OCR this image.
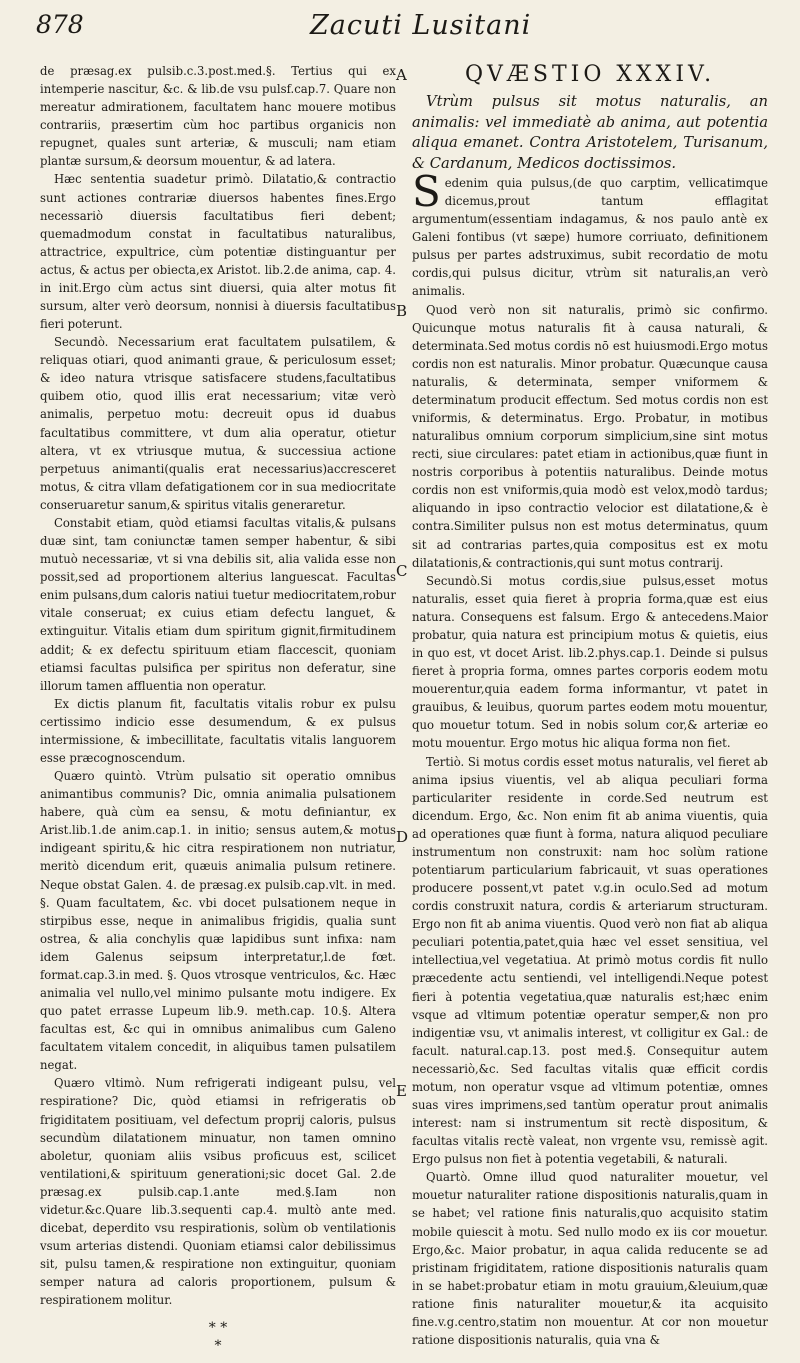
878	Zacuti Lusitani
A
B
C
D
E

de præsag.ex pulsib.c.3.post.med.§. Tertius qui ex intemperie nascitur, &c. & lib.de vsu pulsf.cap.7. Quare non mereatur admirationem, facultatem hanc mouere motibus contrariis, præsertim cùm hoc partibus organicis non repugnet, quales sunt arteriæ, & musculi; nam etiam plantæ sursum,& deorsum mouentur, & ad latera.

Hæc sententia suadetur primò. Dilatatio,& contractio sunt actiones contrariæ diuersos habentes fines.Ergo necessariò diuersis facultatibus fieri debent; quemadmodum constat in facultatibus naturalibus, attractrice, expultrice, cùm potentiæ distinguantur per actus, & actus per obiecta,ex Aristot. lib.2.de anima, cap. 4. in init.Ergo cùm actus sint diuersi, quia alter motus fit sursum, alter verò deorsum, nonnisi à diuersis facultatibus fieri poterunt.

Secundò. Necessarium erat facultatem pulsatilem, & reliquas otiari, quod animanti graue, & periculosum esset; & ideo natura vtrisque satisfacere studens,facultatibus quibem otio, quod illis erat necessarium; vitæ verò animalis, perpetuo motu: decreuit opus id duabus facultatibus committere, vt dum alia operatur, otietur altera, vt ex vtriusque mutua, & successiua actione perpetuus animanti(qualis erat necessarius)accresceret motus, & citra vllam defatigationem cor in sua mediocritate conseruaretur sanum,& spiritus vitalis generaretur.

Constabit etiam, quòd etiamsi facultas vitalis,& pulsans duæ sint, tam coniunctæ tamen semper habentur, & sibi mutuò necessariæ, vt si vna debilis sit, alia valida esse non possit,sed ad proportionem alterius languescat. Facultas enim pulsans,dum caloris natiui tuetur mediocritatem,robur vitale conseruat; ex cuius etiam defectu languet, & extinguitur. Vitalis etiam dum spiritum gignit,firmitudinem addit; & ex defectu spirituum etiam flaccescit, quoniam etiamsi facultas pulsifica per spiritus non deferatur, sine illorum tamen affluentia non operatur.

Ex dictis planum fit, facultatis vitalis robur ex pulsu certissimo indicio esse desumendum, & ex pulsus intermissione, & imbecillitate, facultatis vitalis languorem esse præcognoscendum.

Quæro quintò. Vtrùm pulsatio sit operatio omnibus animantibus communis? Dic, omnia animalia pulsationem habere, quà cùm ea sensu, & motu definiantur, ex Arist.lib.1.de anim.cap.1. in initio; sensus autem,& motus indigeant spiritu,& hic citra respirationem non nutriatur, meritò dicendum erit, quæuis animalia pulsum retinere. Neque obstat Galen. 4. de præsag.ex pulsib.cap.vlt. in med. §. Quam facultatem, &c. vbi docet pulsationem neque in stirpibus esse, neque in animalibus frigidis, qualia sunt ostrea, & alia conchylis quæ lapidibus sunt infixa: nam idem Galenus seipsum interpretatur,l.de fœt. format.cap.3.in med. §. Quos vtrosque ventriculos, &c. Hæc animalia vel nullo,vel minimo pulsante motu indigere. Ex quo patet errasse Lupeum lib.9. meth.cap. 10.§. Altera facultas est, &c qui in omnibus animalibus cum Galeno facultatem vitalem concedit, in aliquibus tamen pulsatilem negat.

Quæro vltimò. Num refrigerati indigeant pulsu, vel respiratione? Dic, quòd etiamsi in refrigeratis ob frigiditatem positiuam, vel defectum proprij caloris, pulsus secundùm dilatationem minuatur, non tamen omnino aboletur, quoniam aliis vsibus proficuus est, scilicet ventilationi,& spirituum generationi;sic docet Gal. 2.de præsag.ex pulsib.cap.1.ante med.§.Iam non videtur.&c.Quare lib.3.sequenti cap.4. multò ante med. dicebat, deperdito vsu respirationis, solùm ob ventilationis vsum arterias distendi. Quoniam etiamsi calor debilissimus sit, pulsu tamen,& respiratione non extinguitur, quoniam semper natura ad caloris proportionem, pulsum & respirationem molitur.

* *
*
QVÆSTIO XXXIV.

Vtrùm pulsus sit motus naturalis, an animalis: vel immediatè ab anima, aut potentia aliqua emanet. Contra Aristotelem, Turisanum, & Cardanum, Medicos doctissimos.

Sedenim quia pulsus,(de quo carptim, vellicatimque dicemus,prout tantum efflagitat argumentum(essentiam indagamus, & nos paulo antè ex Galeni fontibus (vt sæpe) humore corriuato, definitionem pulsus per partes adstruximus, subit recordatio de motu cordis,qui pulsus dicitur, vtrùm sit naturalis,an verò animalis.

Quod verò non sit naturalis, primò sic confirmo. Quicunque motus naturalis fit à causa naturali, & determinata.Sed motus cordis nō est huiusmodi.Ergo motus cordis non est naturalis. Minor probatur. Quæcunque causa naturalis, & determinata, semper vniformem & determinatum producit effectum. Sed motus cordis non est vniformis, & determinatus. Ergo. Probatur, in motibus naturalibus omnium corporum simplicium,sine sint motus recti, siue circulares: patet etiam in actionibus,quæ fiunt in nostris corporibus à potentiis naturalibus. Deinde motus cordis non est vniformis,quia modò est velox,modò tardus; aliquando in ipso contractio velocior est dilatatione,& è contra.Similiter pulsus non est motus determinatus, quum sit ad contrarias partes,quia compositus est ex motu dilatationis,& contractionis,qui sunt motus contrarij.

Secundò.Si motus cordis,siue pulsus,esset motus naturalis, esset quia fieret à propria forma,quæ est eius natura. Consequens est falsum. Ergo & antecedens.Maior probatur, quia natura est principium motus & quietis, eius in quo est, vt docet Arist. lib.2.phys.cap.1. Deinde si pulsus fieret à propria forma, omnes partes corporis eodem motu mouerentur,quia eadem forma informantur, vt patet in grauibus, & leuibus, quorum partes eodem motu mouentur, quo mouetur totum. Sed in nobis solum cor,& arteriæ eo motu mouentur. Ergo motus hic aliqua forma non fiet.

Tertiò. Si motus cordis esset motus naturalis, vel fieret ab anima ipsius viuentis, vel ab aliqua peculiari forma particulariter residente in corde.Sed neutrum est dicendum. Ergo, &c. Non enim fit ab anima viuentis, quia ad operationes quæ fiunt à forma, natura aliquod peculiare instrumentum non construxit: nam hoc solùm ratione potentiarum particularium fabricauit, vt suas operationes producere possent,vt patet v.g.in oculo.Sed ad motum cordis construxit natura, cordis & arteriarum structuram. Ergo non fit ab anima viuentis. Quod verò non fiat ab aliqua peculiari potentia,patet,quia hæc vel esset sensitiua, vel intellectiua,vel vegetatiua. At primò motus cordis fit nullo præcedente actu sentiendi, vel intelligendi.Neque potest fieri à potentia vegetatiua,quæ naturalis est;hæc enim vsque ad vltimum potentiæ operatur semper,& non pro indigentiæ vsu, vt animalis interest, vt colligitur ex Gal.: de facult. natural.cap.13. post med.§. Consequitur autem necessariò,&c. Sed facultas vitalis quæ efficit cordis motum, non operatur vsque ad vltimum potentiæ, omnes suas vires imprimens,sed tantùm operatur prout animalis interest: nam si instrumentum sit rectè dispositum, & facultas vitalis rectè valeat, non vrgente vsu, remissè agit. Ergo pulsus non fiet à potentia vegetabili, & naturali.

Quartò. Omne illud quod naturaliter mouetur, vel mouetur naturaliter ratione dispositionis naturalis,quam in se habet; vel ratione finis naturalis,quo acquisito statim mobile quiescit à motu. Sed nullo modo ex iis cor mouetur. Ergo,&c. Maior probatur, in aqua calida reducente se ad pristinam frigiditatem, ratione dispositionis naturalis quam in se habet:probatur etiam in motu grauium,&leuium,quæ ratione finis naturaliter mouetur,& ita acquisito fine.v.g.centro,statim non mouentur. At cor non mouetur ratione dispositionis naturalis, quia vna &
